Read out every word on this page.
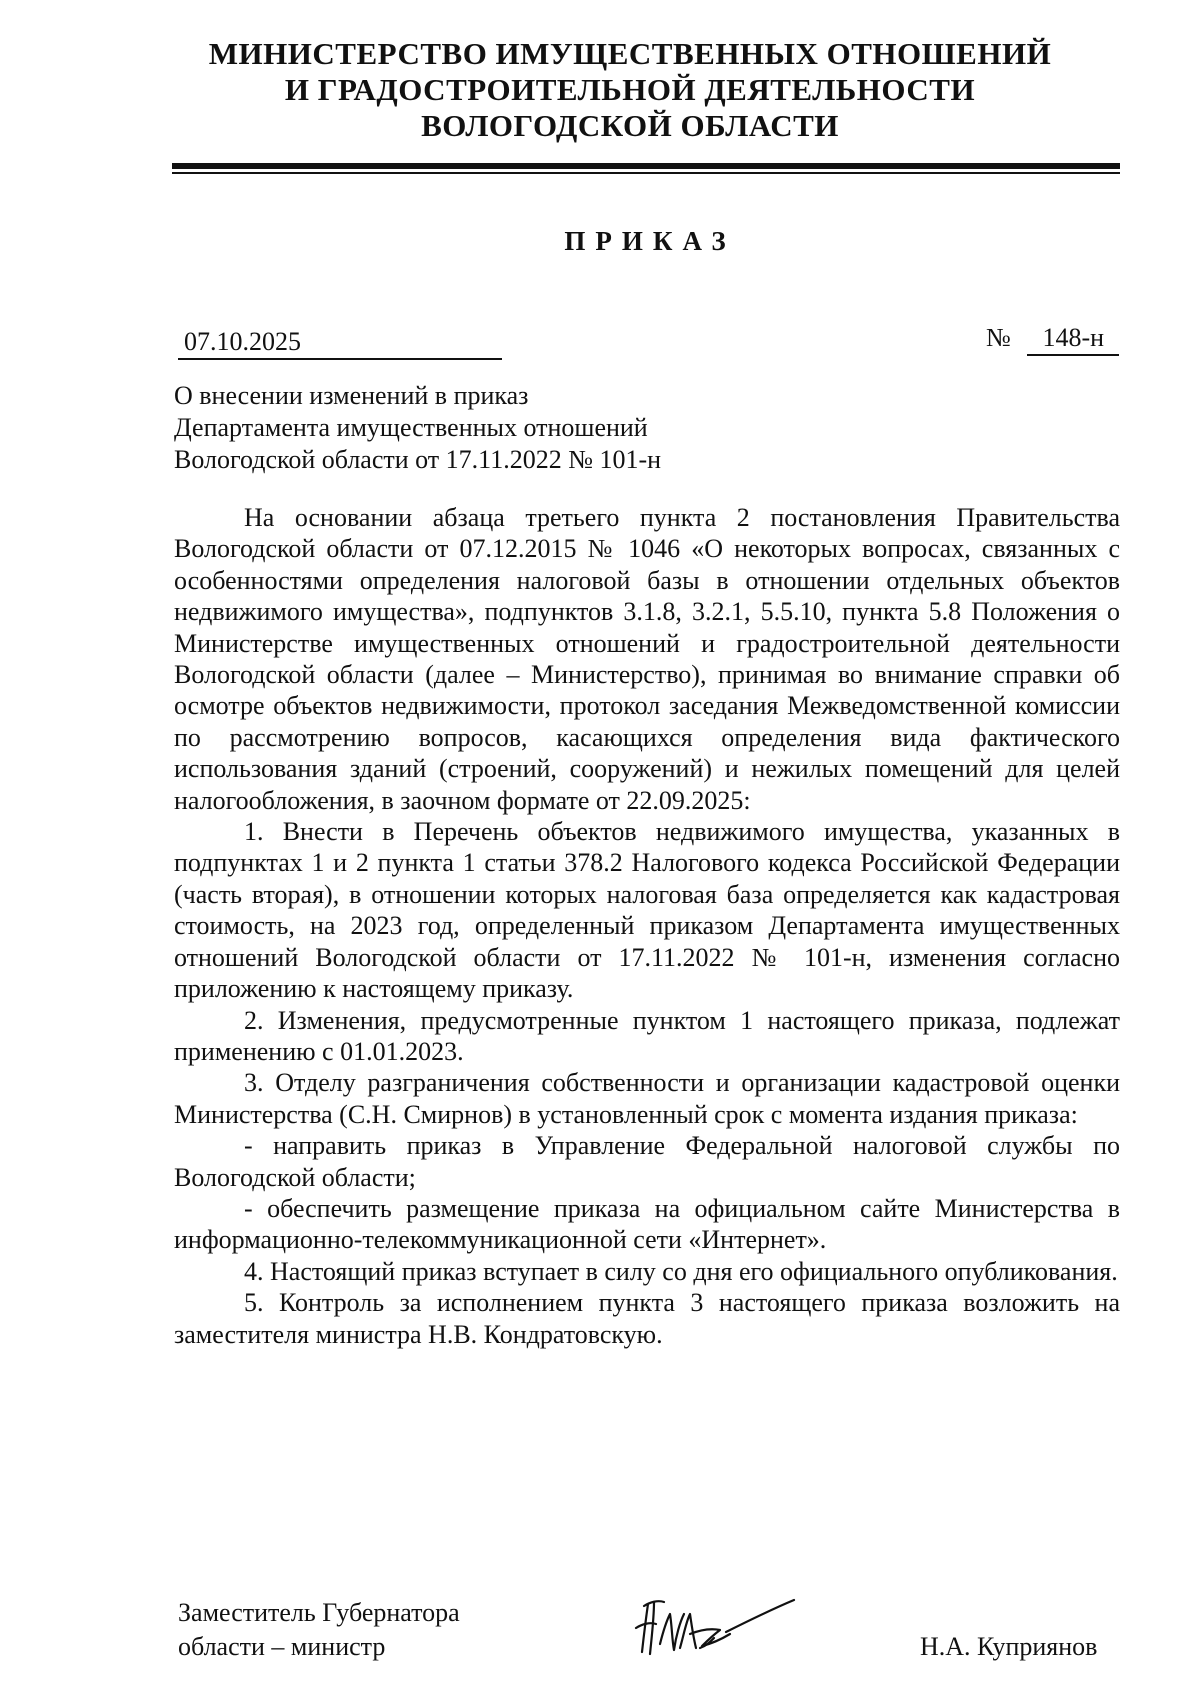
МИНИСТЕРСТВО ИМУЩЕСТВЕННЫХ ОТНОШЕНИЙ
И ГРАДОСТРОИТЕЛЬНОЙ ДЕЯТЕЛЬНОСТИ
ВОЛОГОДСКОЙ ОБЛАСТИ
ПРИКАЗ
07.10.2025	№ 148-н
О внесении изменений в приказ
Департамента имущественных отношений
Вологодской области от 17.11.2022 № 101-н

На основании абзаца третьего пункта 2 постановления Правительства Вологодской области от 07.12.2015 № 1046 «О некоторых вопросах, связанных с особенностями определения налоговой базы в отношении отдельных объектов недвижимого имущества», подпунктов 3.1.8, 3.2.1, 5.5.10, пункта 5.8 Положения о Министерстве имущественных отношений и градостроительной деятельности Вологодской области (далее – Министерство), принимая во внимание справки об осмотре объектов недвижимости, протокол заседания Межведомственной комиссии по рассмотрению вопросов, касающихся определения вида фактического использования зданий (строений, сооружений) и нежилых помещений для целей налогообложения, в заочном формате от 22.09.2025:

1. Внести в Перечень объектов недвижимого имущества, указанных в подпунктах 1 и 2 пункта 1 статьи 378.2 Налогового кодекса Российской Федерации (часть вторая), в отношении которых налоговая база определяется как кадастровая стоимость, на 2023 год, определенный приказом Департамента имущественных отношений Вологодской области от 17.11.2022 № 101-н, изменения согласно приложению к настоящему приказу.

2. Изменения, предусмотренные пунктом 1 настоящего приказа, подлежат применению с 01.01.2023.

3. Отделу разграничения собственности и организации кадастровой оценки Министерства (С.Н. Смирнов) в установленный срок с момента издания приказа:

- направить приказ в Управление Федеральной налоговой службы по Вологодской области;

- обеспечить размещение приказа на официальном сайте Министерства в информационно-телекоммуникационной сети «Интернет».

4. Настоящий приказ вступает в силу со дня его официального опубликования.

5. Контроль за исполнением пункта 3 настоящего приказа возложить на заместителя министра Н.В. Кондратовскую.

Заместитель Губернатора
области – министр	Н.А. Куприянов
